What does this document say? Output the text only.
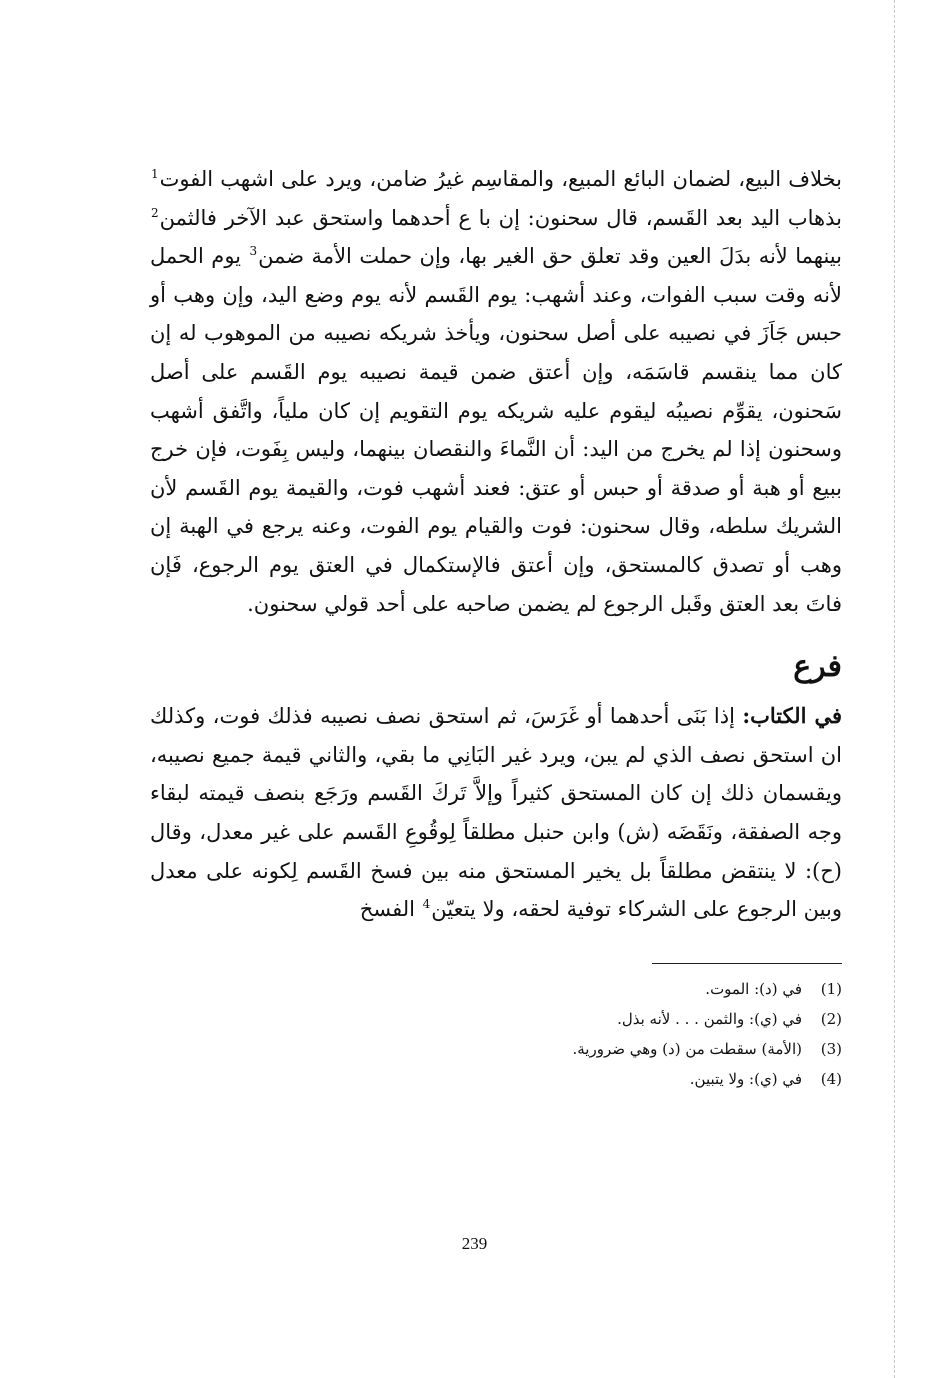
بخلاف البيع، لضمان البائع المبيع، والمقاسِم غيرُ ضامن، ويرد على اشهب الفوت$^1$ بذهاب اليد بعد القَسم، قال سحنون: إن با ع أحدهما واستحق عبد الآخر فالثمن$^2$ بينهما لأنه بدَلَ العين وقد تعلق حق الغير بها، وإن حملت الأمة ضمن$^3$ يوم الحمل لأنه وقت سبب الفوات، وعند أشهب: يوم القَسم لأنه يوم وضع اليد، وإن وهب أو حبس جَاَزَ في نصيبه على أصل سحنون، ويأخذ شريكه نصيبه من الموهوب له إن كان مما ينقسم قاسَمَه، وإن أعتق ضمن قيمة نصيبه يوم القَسم على أصل سَحنون، يقوِّم نصيبُه ليقوم عليه شريكه يوم التقويم إن كان ملياً، واتَّفق أشهب وسحنون إذا لم يخرج من اليد: أن النَّماءَ والنقصان بينهما، وليس بِفَوت، فإن خرج ببيع أو هبة أو صدقة أو حبس أو عتق: فعند أشهب فوت، والقيمة يوم القَسم لأن الشريك سلطه، وقال سحنون: فوت والقيام يوم الفوت، وعنه يرجع في الهبة إن وهب أو تصدق كالمستحق، وإن أعتق فالإستكمال في العتق يوم الرجوع، فَإن فاتَ بعد العتق وقَبل الرجوع لم يضمن صاحبه على أحد قولي سحنون.

فرع

في الكتاب: إذا بَنَى أحدهما أو غَرَسَ، ثم استحق نصف نصيبه فذلك فوت، وكذلك ان استحق نصف الذي لم يبن، ويرد غير البَانِي ما بقي، والثاني قيمة جميع نصيبه، ويقسمان ذلك إن كان المستحق كثيراً وإلاَّ تَركَ القَسم ورَجَع بنصف قيمته لبقاء وجه الصفقة، ونَقَضَه (ش) وابن حنبل مطلقاً لِوقُوعِ القَسم على غير معدل، وقال (ح): لا ينتقض مطلقاً بل يخير المستحق منه بين فسخ القَسم لِكونه على معدل وبين الرجوع على الشركاء توفية لحقه، ولا يتعيّن$^4$ الفسخ

(1)
في (د): الموت.
(2)
في (ي): والثمن . . . لأنه بذل.
(3)
(الأمة) سقطت من (د) وهي ضرورية.
(4)
في (ي): ولا يتبين.
239
